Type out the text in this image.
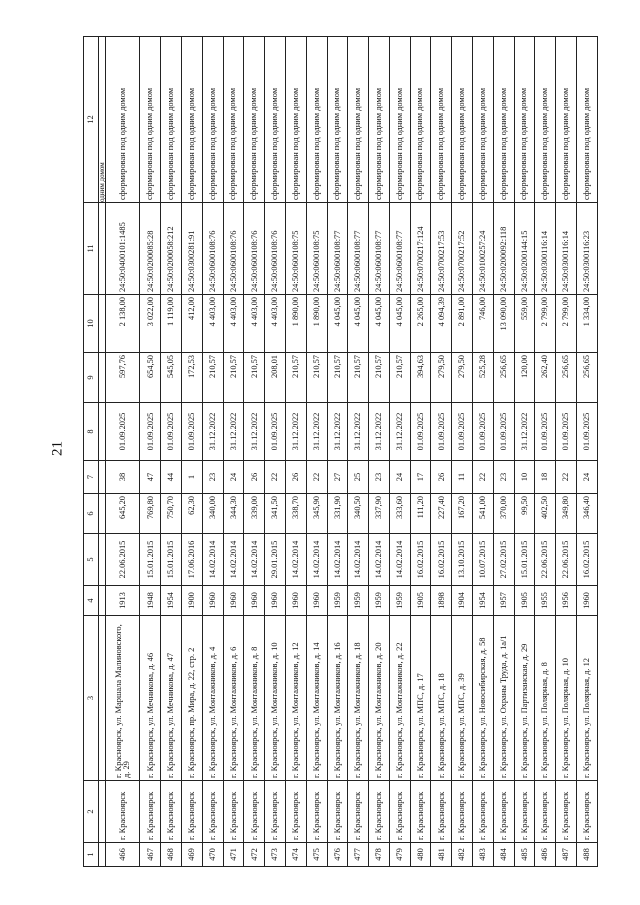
21
1	2	3	4	5	6	7	8	9	10	11	12
											одним домом
466	г. Красноярск	г. Красноярск, ул. Маршала Малиновского, д. 29	1913	22.06.2015	645,20	38	01.09.2025	597,76	2 138,00	24:50:0400101:1485	сформирован под одним домом
467	г. Красноярск	г. Красноярск, ул. Мечникова, д. 46	1948	15.01.2015	769,80	47	01.09.2025	654,50	3 022,00	24:50:0200085:28	сформирован под одним домом
468	г. Красноярск	г. Красноярск, ул. Мечникова, д. 47	1954	15.01.2015	750,70	44	01.09.2025	545,05	1 119,00	24:50:0200058:212	сформирован под одним домом
469	г. Красноярск	г. Красноярск, пр. Мира, д. 22, стр. 2	1900	17.06.2016	62,30	1	01.09.2025	172,53	412,00	24:50:0300281:91	сформирован под одним домом
470	г. Красноярск	г. Красноярск, ул. Монтажников, д. 4	1960	14.02.2014	340,00	23	31.12.2022	210,57	4 403,00	24:50:0600108:76	сформирован под одним домом
471	г. Красноярск	г. Красноярск, ул. Монтажников, д. 6	1960	14.02.2014	344,30	24	31.12.2022	210,57	4 403,00	24:50:0600108:76	сформирован под одним домом
472	г. Красноярск	г. Красноярск, ул. Монтажников, д. 8	1960	14.02.2014	339,00	26	31.12.2022	210,57	4 403,00	24:50:0600108:76	сформирован под одним домом
473	г. Красноярск	г. Красноярск, ул. Монтажников, д. 10	1960	29.01.2015	341,50	22	01.09.2025	208,01	4 403,00	24:50:0600108:76	сформирован под одним домом
474	г. Красноярск	г. Красноярск, ул. Монтажников, д. 12	1960	14.02.2014	338,70	26	31.12.2022	210,57	1 890,00	24:50:0600108:75	сформирован под одним домом
475	г. Красноярск	г. Красноярск, ул. Монтажников, д. 14	1960	14.02.2014	345,90	22	31.12.2022	210,57	1 890,00	24:50:0600108:75	сформирован под одним домом
476	г. Красноярск	г. Красноярск, ул. Монтажников, д. 16	1959	14.02.2014	331,90	27	31.12.2022	210,57	4 045,00	24:50:0600108:77	сформирован под одним домом
477	г. Красноярск	г. Красноярск, ул. Монтажников, д. 18	1959	14.02.2014	340,50	25	31.12.2022	210,57	4 045,00	24:50:0600108:77	сформирован под одним домом
478	г. Красноярск	г. Красноярск, ул. Монтажников, д. 20	1959	14.02.2014	337,90	23	31.12.2022	210,57	4 045,00	24:50:0600108:77	сформирован под одним домом
479	г. Красноярск	г. Красноярск, ул. Монтажников, д. 22	1959	14.02.2014	333,60	24	31.12.2022	210,57	4 045,00	24:50:0600108:77	сформирован под одним домом
480	г. Красноярск	г. Красноярск, ул. МПС, д. 17	1905	16.02.2015	111,20	17	01.09.2025	394,63	2 265,00	24:50:0700217:124	сформирован под одним домом
481	г. Красноярск	г. Красноярск, ул. МПС, д. 18	1898	16.02.2015	227,40	26	01.09.2025	279,50	4 094,39	24:50:0700217:53	сформирован под одним домом
482	г. Красноярск	г. Красноярск, ул. МПС, д. 39	1904	13.10.2015	167,20	11	01.09.2025	279,50	2 891,00	24:50:0700217:52	сформирован под одним домом
483	г. Красноярск	г. Красноярск, ул. Новосибирская, д. 58	1954	10.07.2015	541,00	22	01.09.2025	525,28	746,00	24:50:0100257:24	сформирован под одним домом
484	г. Красноярск	г. Красноярск, ул. Охраны Труда, д. 1а/1	1957	27.02.2015	370,00	23	01.09.2025	256,65	13 090,00	24:50:0200092:118	сформирован под одним домом
485	г. Красноярск	г. Красноярск, ул. Партизанская, д. 29	1905	15.01.2015	99,50	10	31.12.2022	120,00	559,00	24:50:0200144:15	сформирован под одним домом
486	г. Красноярск	г. Красноярск, ул. Полярная, д. 8	1955	22.06.2015	402,50	18	01.09.2025	262,40	2 799,00	24:50:0300116:14	сформирован под одним домом
487	г. Красноярск	г. Красноярск, ул. Полярная, д. 10	1956	22.06.2015	349,80	22	01.09.2025	256,65	2 799,00	24:50:0300116:14	сформирован под одним домом
488	г. Красноярск	г. Красноярск, ул. Полярная, д. 12	1960	16.02.2015	346,40	24	01.09.2025	256,65	1 334,00	24:50:0300116:23	сформирован под одним домом
